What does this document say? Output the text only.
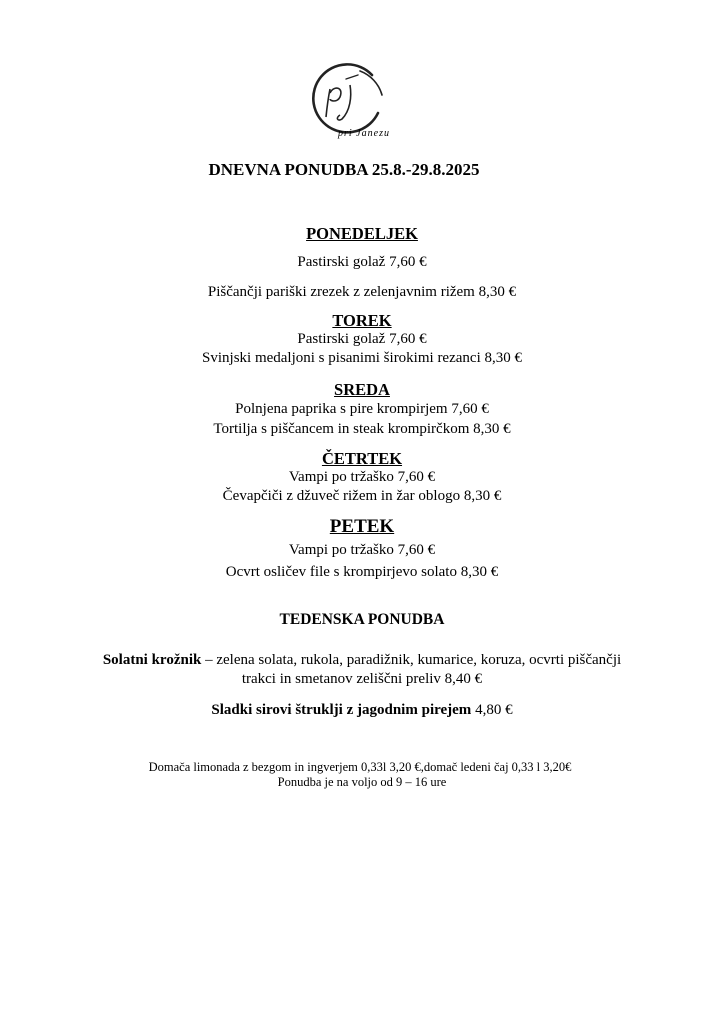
pri Janezu
DNEVNA PONUDBA 25.8.-29.8.2025
PONEDELJEK
Pastirski golaž 7,60 €
Piščančji pariški zrezek z zelenjavnim rižem 8,30 €
TOREK
Pastirski golaž 7,60 €
Svinjski medaljoni s pisanimi širokimi rezanci 8,30 €
SREDA
Polnjena paprika s pire krompirjem 7,60 €
Tortilja s piščancem in steak krompirčkom 8,30 €
ČETRTEK
Vampi po tržaško 7,60 €
Čevapčiči z džuveč rižem in žar oblogo 8,30 €
PETEK
Vampi po tržaško 7,60 €
Ocvrt osličev file s krompirjevo solato 8,30 €
TEDENSKA PONUDBA
Solatni krožnik – zelena solata, rukola, paradižnik, kumarice, koruza, ocvrti piščančji
trakci in smetanov zeliščni preliv 8,40 €
Sladki sirovi štruklji z jagodnim pirejem 4,80 €
Domača limonada z bezgom in ingverjem 0,33l 3,20 €,domač ledeni čaj 0,33 l 3,20€
Ponudba je na voljo od 9 – 16 ure
